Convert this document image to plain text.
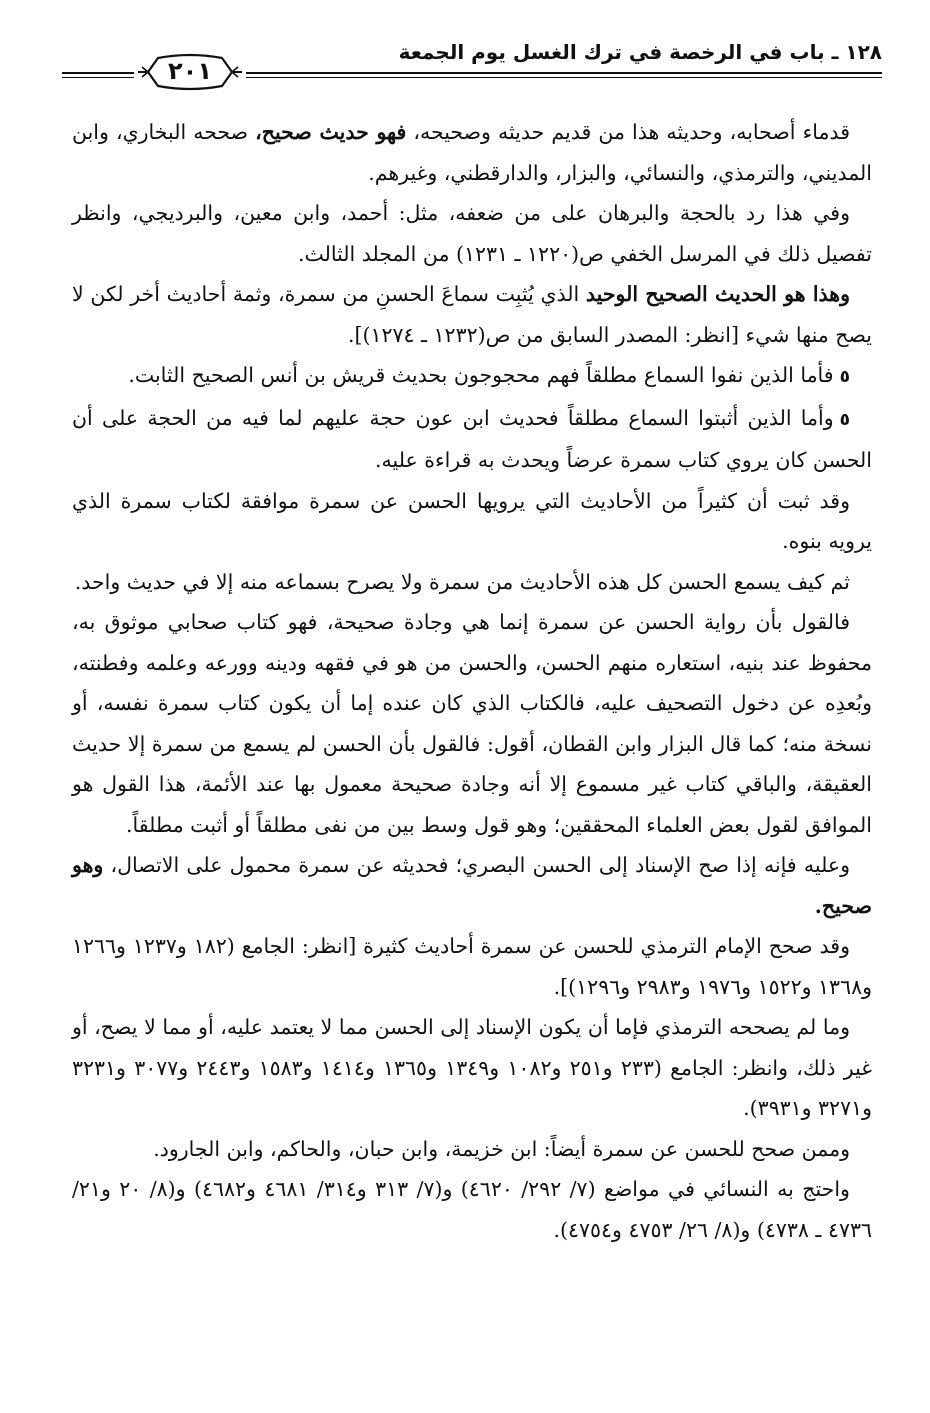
١٢٨ ـ باب في الرخصة في ترك الغسل يوم الجمعة
٢٠١

قدماء أصحابه، وحديثه هذا من قديم حديثه وصحيحه، فهو حديث صحيح، صححه البخاري، وابن المديني، والترمذي، والنسائي، والبزار، والدارقطني، وغيرهم.

وفي هذا رد بالحجة والبرهان على من ضعفه، مثل: أحمد، وابن معين، والبرديجي، وانظر تفصيل ذلك في المرسل الخفي ص(١٢٢٠ ـ ١٢٣١) من المجلد الثالث.

وهذا هو الحديث الصحيح الوحيد الذي يُثبِت سماعَ الحسنِ من سمرة، وثمة أحاديث أخر لكن لا يصح منها شيء [انظر: المصدر السابق من ص(١٢٣٢ ـ ١٢٧٤)].

٥فأما الذين نفوا السماع مطلقاً فهم محجوجون بحديث قريش بن أنس الصحيح الثابت.

٥وأما الذين أثبتوا السماع مطلقاً فحديث ابن عون حجة عليهم لما فيه من الحجة على أن الحسن كان يروي كتاب سمرة عرضاً ويحدث به قراءة عليه.

وقد ثبت أن كثيراً من الأحاديث التي يرويها الحسن عن سمرة موافقة لكتاب سمرة الذي يرويه بنوه.

ثم كيف يسمع الحسن كل هذه الأحاديث من سمرة ولا يصرح بسماعه منه إلا في حديث واحد.

فالقول بأن رواية الحسن عن سمرة إنما هي وجادة صحيحة، فهو كتاب صحابي موثوق به، محفوظ عند بنيه، استعاره منهم الحسن، والحسن من هو في فقهه ودينه وورعه وعلمه وفطنته، وبُعدِه عن دخول التصحيف عليه، فالكتاب الذي كان عنده إما أن يكون كتاب سمرة نفسه، أو نسخة منه؛ كما قال البزار وابن القطان، أقول: فالقول بأن الحسن لم يسمع من سمرة إلا حديث العقيقة، والباقي كتاب غير مسموع إلا أنه وجادة صحيحة معمول بها عند الأئمة، هذا القول هو الموافق لقول بعض العلماء المحققين؛ وهو قول وسط بين من نفى مطلقاً أو أثبت مطلقاً.

وعليه فإنه إذا صح الإسناد إلى الحسن البصري؛ فحديثه عن سمرة محمول على الاتصال، وهو صحيح.

وقد صحح الإمام الترمذي للحسن عن سمرة أحاديث كثيرة [انظر: الجامع (١٨٢ و١٢٣٧ و١٢٦٦ و١٣٦٨ و١٥٢٢ و١٩٧٦ و٢٩٨٣ و١٢٩٦)].

وما لم يصححه الترمذي فإما أن يكون الإسناد إلى الحسن مما لا يعتمد عليه، أو مما لا يصح، أو غير ذلك، وانظر: الجامع (٢٣٣ و٢٥١ و١٠٨٢ و١٣٤٩ و١٣٦٥ و١٤١٤ و١٥٨٣ و٢٤٤٣ و٣٠٧٧ و٣٢٣١ و٣٢٧١ و٣٩٣١).

وممن صحح للحسن عن سمرة أيضاً: ابن خزيمة، وابن حبان، والحاكم، وابن الجارود.

واحتج به النسائي في مواضع (٧/ ٢٩٢/ ٤٦٢٠) و(٧/ ٣١٣ و٣١٤/ ٤٦٨١ و٤٦٨٢) و(٨/ ٢٠ و٢١/ ٤٧٣٦ ـ ٤٧٣٨) و(٨/ ٢٦/ ٤٧٥٣ و٤٧٥٤).
